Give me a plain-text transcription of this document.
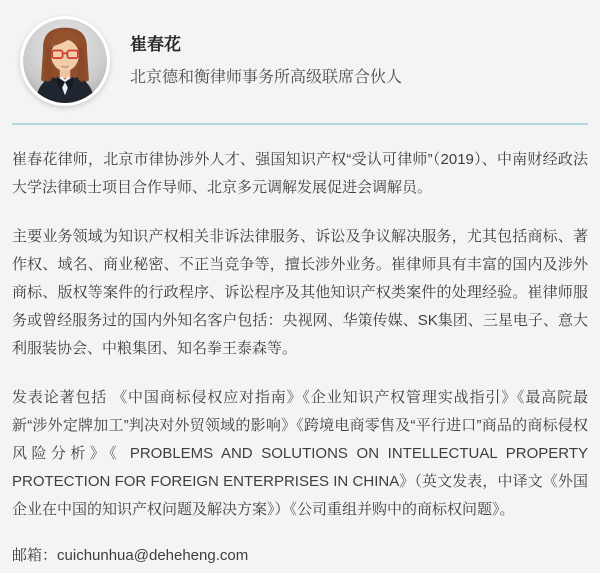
崔春花
北京德和衡律师事务所高级联席合伙人

崔春花律师，北京市律协涉外人才、强国知识产权“受认可律师”（2019）、中南财经政法大学法律硕士项目合作导师、北京多元调解发展促进会调解员。

主要业务领域为知识产权相关非诉法律服务、诉讼及争议解决服务，尤其包括商标、著作权、域名、商业秘密、不正当竞争等，擅长涉外业务。崔律师具有丰富的国内及涉外商标、版权等案件的行政程序、诉讼程序及其他知识产权类案件的处理经验。崔律师服务或曾经服务过的国内外知名客户包括：央视网、华策传媒、SK集团、三星电子、意大利服装协会、中粮集团、知名拳王泰森等。

发表论著包括 《中国商标侵权应对指南》《企业知识产权管理实战指引》《最高院最新“涉外定牌加工”判决对外贸领域的影响》《跨境电商零售及“平行进口”商品的商标侵权风险分析》《 PROBLEMS AND SOLUTIONS ON INTELLECTUAL PROPERTY PROTECTION FOR FOREIGN ENTERPRISES IN CHINA》（英文发表，中译文《外国企业在中国的知识产权问题及解决方案》）《公司重组并购中的商标权问题》。

邮箱：cuichunhua@deheheng.com
